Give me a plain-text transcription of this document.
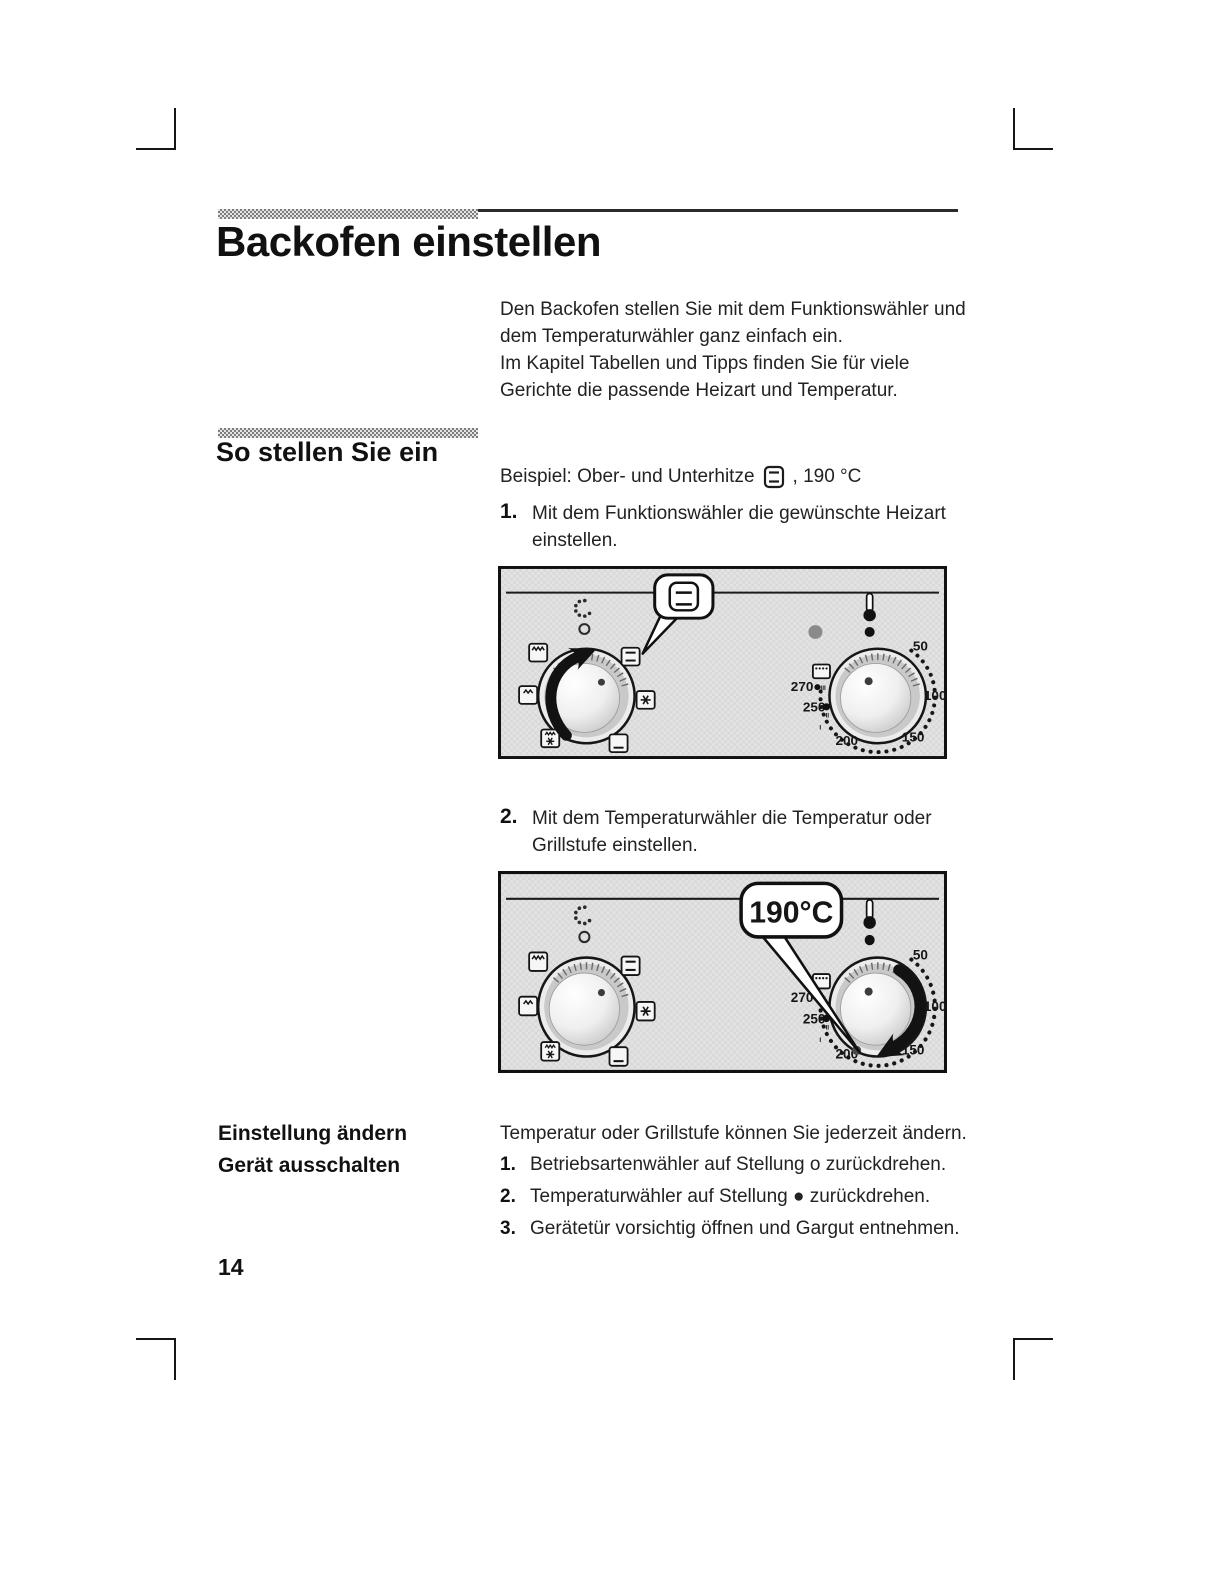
Backofen einstellen

Den Backofen stellen Sie mit dem Funktionswähler und dem Temperaturwähler ganz einfach ein.

Im Kapitel Tabellen und Tipps finden Sie für viele Gerichte die passende Heizart und Temperatur.

So stellen Sie ein

Beispiel: Ober- und Unterhitze , 190 °C

1. Mit dem Funktionswähler die gewünschte Heizart einstellen.
2. Mit dem Temperaturwähler die Temperatur oder Grillstufe einstellen.
190°C

Einstellung ändern	Temperatur oder Grillstufe können Sie jederzeit ändern.

Gerät ausschalten	1. Betriebsartenwähler auf Stellung o zurückdrehen.
2. Temperaturwähler auf Stellung ● zurückdrehen.
3. Gerätetür vorsichtig öffnen und Gargut entnehmen.
14
